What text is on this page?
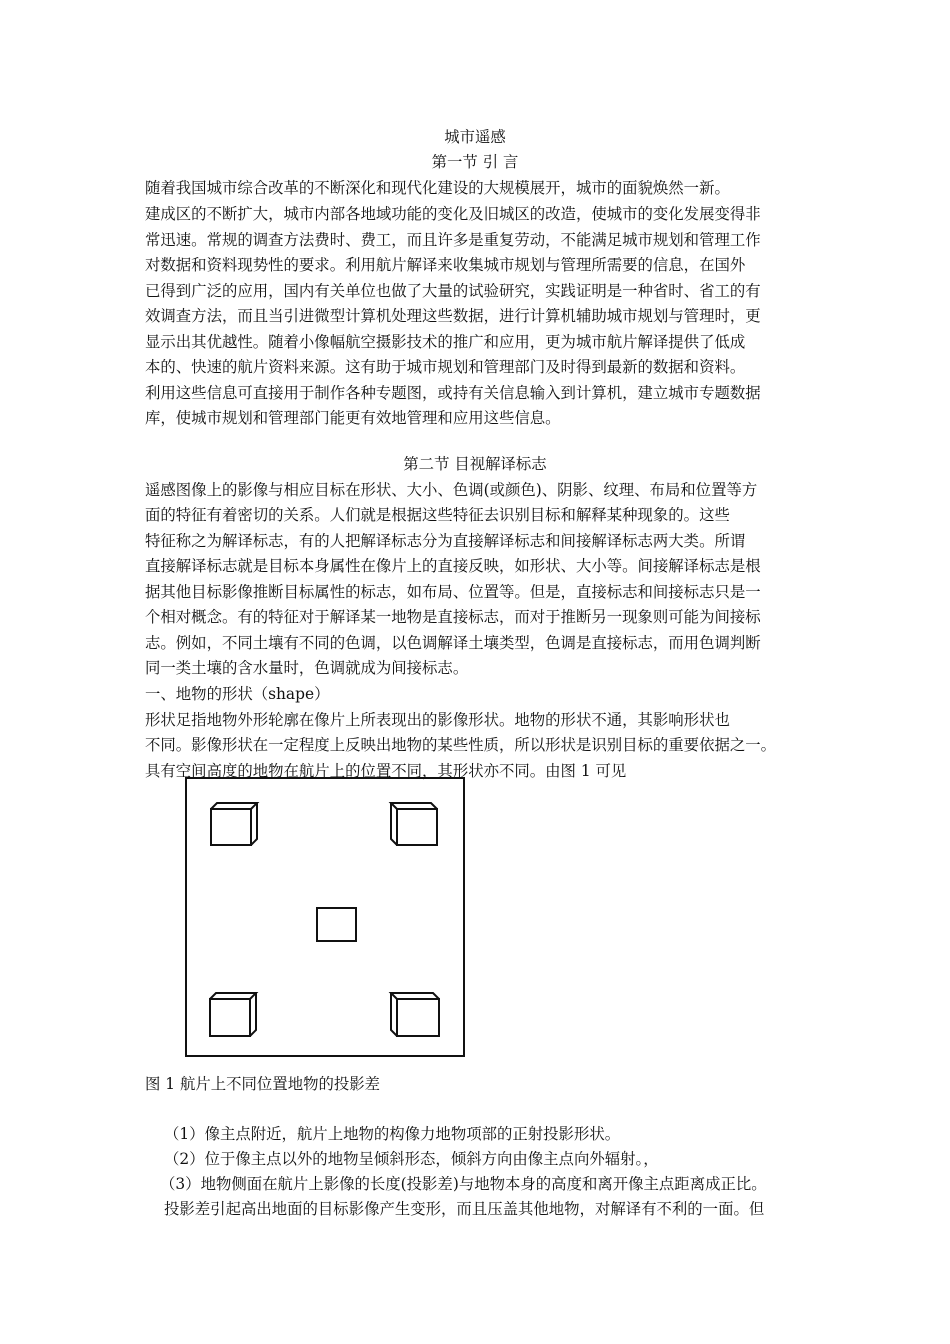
城市遥感
第一节 引 言
随着我国城市综合改革的不断深化和现代化建设的大规模展开，城市的面貌焕然一新。
建成区的不断扩大，城市内部各地域功能的变化及旧城区的改造，使城市的变化发展变得非
常迅速。常规的调查方法费时、费工，而且许多是重复劳动，不能满足城市规划和管理工作
对数据和资料现势性的要求。利用航片解译来收集城市规划与管理所需要的信息，在国外
已得到广泛的应用，国内有关单位也做了大量的试验研究，实践证明是一种省时、省工的有
效调查方法，而且当引进微型计算机处理这些数据，进行计算机辅助城市规划与管理时，更
显示出其优越性。随着小像幅航空摄影技术的推广和应用，更为城市航片解译提供了低成
本的、快速的航片资料来源。这有助于城市规划和管理部门及时得到最新的数据和资料。
利用这些信息可直接用于制作各种专题图，或持有关信息输入到计算机，建立城市专题数据
库，使城市规划和管理部门能更有效地管理和应用这些信息。
第二节 目视解译标志
遥感图像上的影像与相应目标在形状、大小、色调(或颜色)、阴影、纹理、布局和位置等方
面的特征有着密切的关系。人们就是根据这些特征去识别目标和解释某种现象的。这些
特征称之为解译标志，有的人把解译标志分为直接解译标志和间接解译标志两大类。所谓
直接解译标志就是目标本身属性在像片上的直接反映，如形状、大小等。间接解译标志是根
据其他目标影像推断目标属性的标志，如布局、位置等。但是，直接标志和间接标志只是一
个相对概念。有的特征对于解译某一地物是直接标志，而对于推断另一现象则可能为间接标
志。例如，不同土壤有不同的色调，以色调解译土壤类型，色调是直接标志，而用色调判断
同一类土壤的含水量时，色调就成为间接标志。
一、地物的形状（shape）
形状足指地物外形轮廓在像片上所表现出的影像形状。地物的形状不通，其影响形状也
不同。影像形状在一定程度上反映出地物的某些性质，所以形状是识别目标的重要依据之一。
具有空间高度的地物在航片上的位置不同，其形状亦不同。由图 1 可见
图 1 航片上不同位置地物的投影差
（1）像主点附近，航片上地物的构像力地物项部的正射投影形状。
（2）位于像主点以外的地物呈倾斜形态，倾斜方向由像主点向外辐射。，
（3）地物侧面在航片上影像的长度(投影差)与地物本身的高度和离开像主点距离成正比。
投影差引起高出地面的目标影像产生变形，而且压盖其他地物，对解译有不利的一面。但
